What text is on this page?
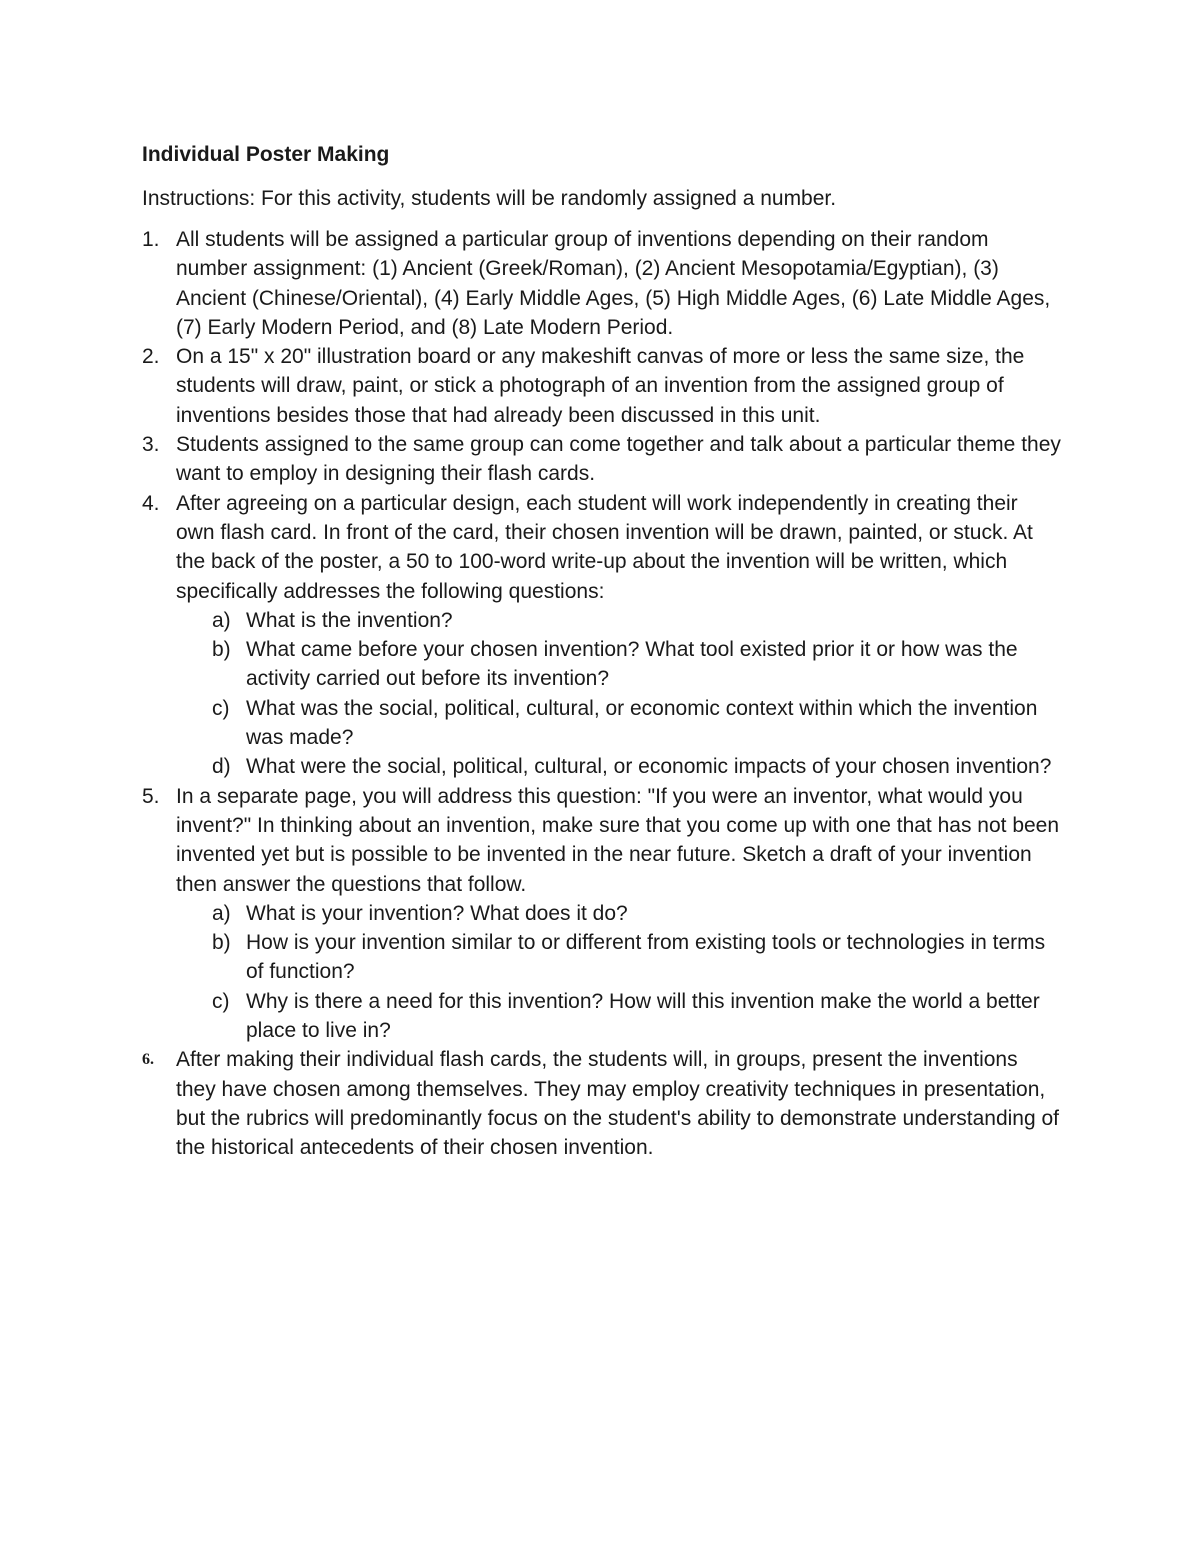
Individual Poster Making
Instructions: For this activity, students will be randomly assigned a number.
1. All students will be assigned a particular group of inventions depending on their random number assignment: (1) Ancient (Greek/Roman), (2) Ancient Mesopotamia/Egyptian), (3) Ancient (Chinese/Oriental), (4) Early Middle Ages, (5) High Middle Ages, (6) Late Middle Ages, (7) Early Modern Period, and (8) Late Modern Period.
2. On a 15" x 20" illustration board or any makeshift canvas of more or less the same size, the students will draw, paint, or stick a photograph of an invention from the assigned group of inventions besides those that had already been discussed in this unit.
3. Students assigned to the same group can come together and talk about a particular theme they want to employ in designing their flash cards.
4. After agreeing on a particular design, each student will work independently in creating their own flash card. In front of the card, their chosen invention will be drawn, painted, or stuck. At the back of the poster, a 50 to 100-word write-up about the invention will be written, which specifically addresses the following questions:
a) What is the invention?
b) What came before your chosen invention? What tool existed prior it or how was the activity carried out before its invention?
c) What was the social, political, cultural, or economic context within which the invention was made?
d) What were the social, political, cultural, or economic impacts of your chosen invention?
5. In a separate page, you will address this question: "If you were an inventor, what would you invent?" In thinking about an invention, make sure that you come up with one that has not been invented yet but is possible to be invented in the near future. Sketch a draft of your invention then answer the questions that follow.
a) What is your invention? What does it do?
b) How is your invention similar to or different from existing tools or technologies in terms of function?
c) Why is there a need for this invention? How will this invention make the world a better place to live in?
6. After making their individual flash cards, the students will, in groups, present the inventions they have chosen among themselves. They may employ creativity techniques in presentation, but the rubrics will predominantly focus on the student's ability to demonstrate understanding of the historical antecedents of their chosen invention.
